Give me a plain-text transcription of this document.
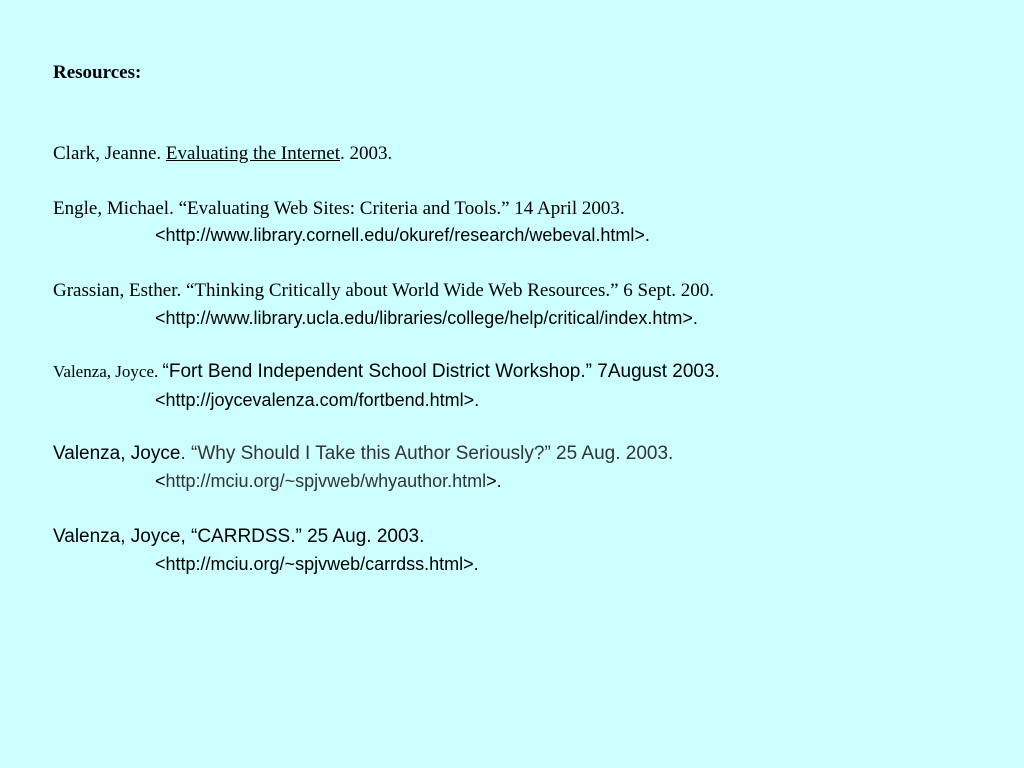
Resources:
Clark, Jeanne. Evaluating the Internet. 2003.
Engle, Michael. “Evaluating Web Sites: Criteria and Tools.” 14 April 2003.
<http://www.library.cornell.edu/okuref/research/webeval.html>.
Grassian, Esther. “Thinking Critically about World Wide Web Resources.” 6 Sept. 200.
<http://www.library.ucla.edu/libraries/college/help/critical/index.htm>.
Valenza, Joyce. “Fort Bend Independent School District Workshop.” 7August 2003.
<http://joycevalenza.com/fortbend.html>.
Valenza, Joyce. “Why Should I Take this Author Seriously?” 25 Aug. 2003.
<http://mciu.org/~spjvweb/whyauthor.html>.
Valenza, Joyce, “CARRDSS.” 25 Aug. 2003.
<http://mciu.org/~spjvweb/carrdss.html>.
